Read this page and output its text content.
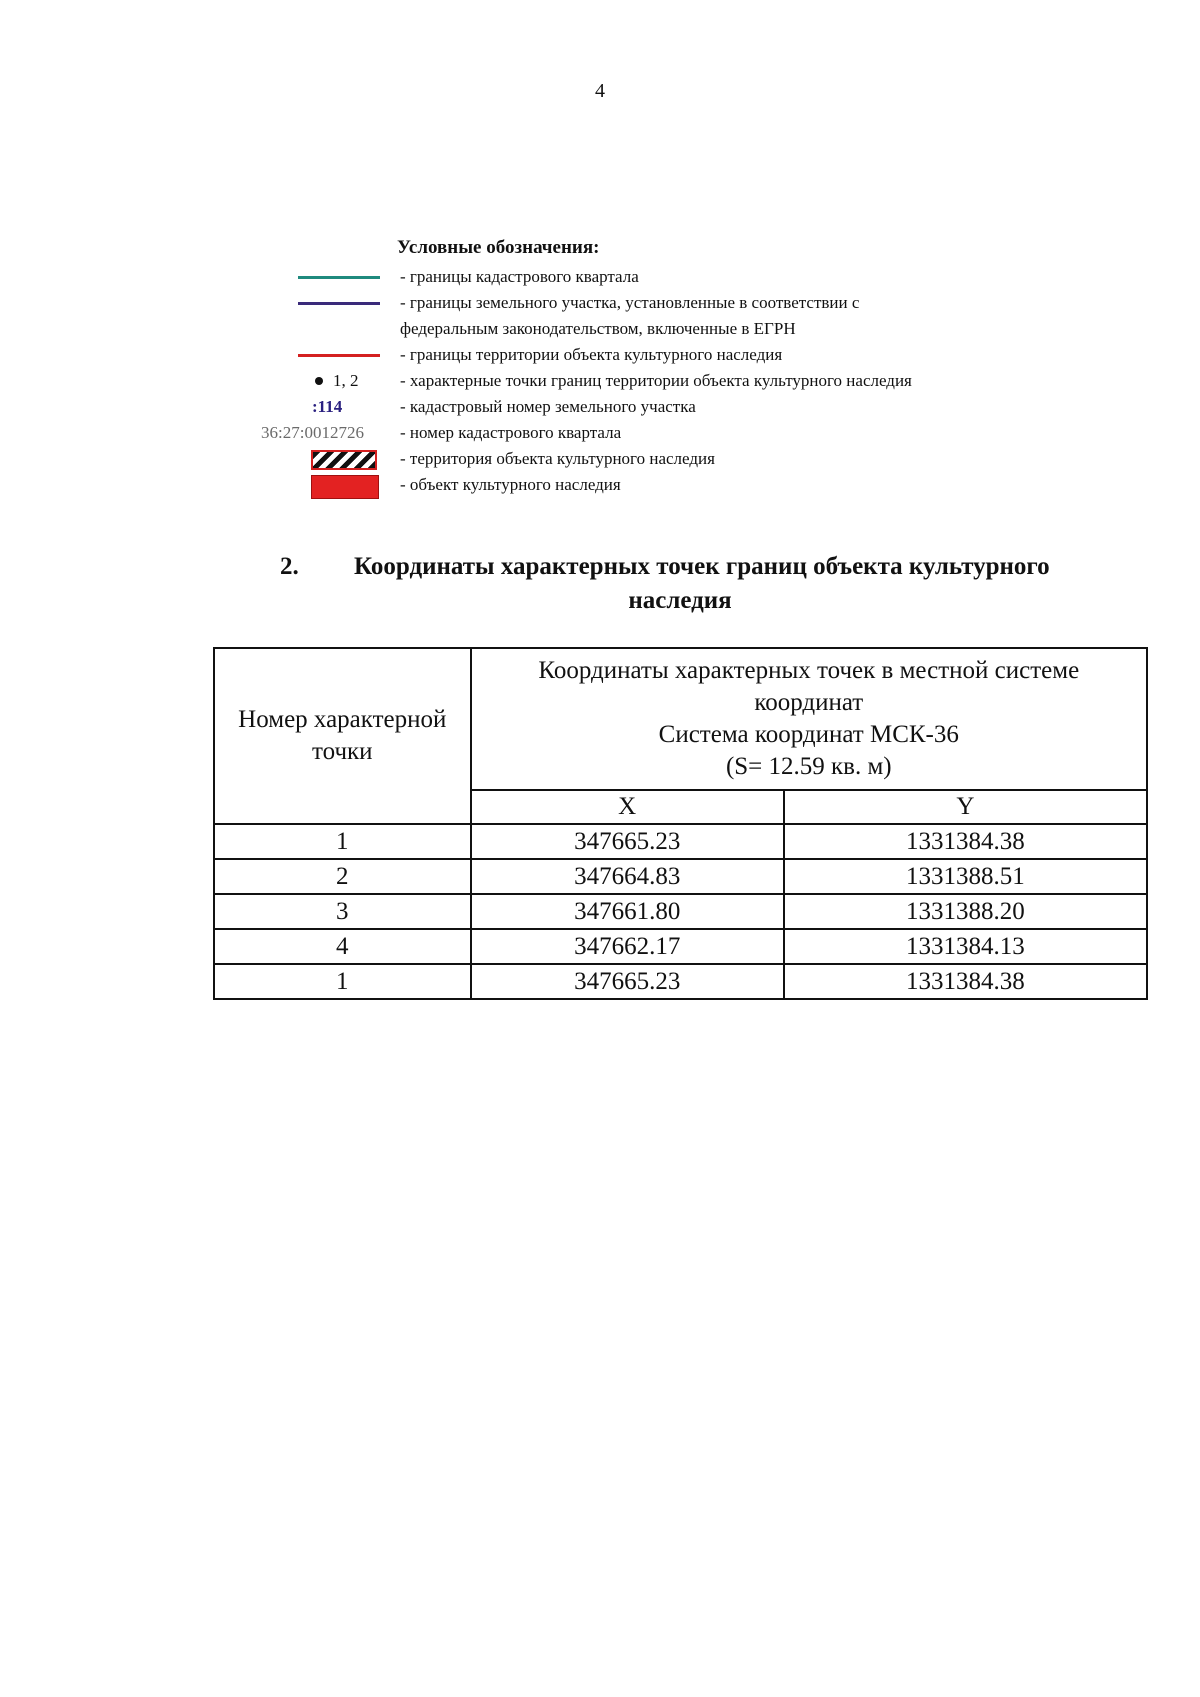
4
Условные обозначения:
- границы кадастрового квартала
- границы земельного участка, установленные в соответствии с
федеральным законодательством, включенные в ЕГРН
- границы территории объекта культурного наследия
1, 2 - характерные точки границ территории объекта культурного наследия
:114	- кадастровый номер земельного участка
36:27:0012726 - номер кадастрового квартала
- территория объекта культурного наследия
- объект культурного наследия
2. Координаты характерных точек границ объекта культурного
наследия
Номер характерной точки	Координаты характерных точек в местной системе
координат
Система координат МСК-36
(S= 12.59 кв. м)	

	X	Y
1	347665.23	1331384.38
2	347664.83	1331388.51
3	347661.80	1331388.20
4	347662.17	1331384.13
1	347665.23	1331384.38
